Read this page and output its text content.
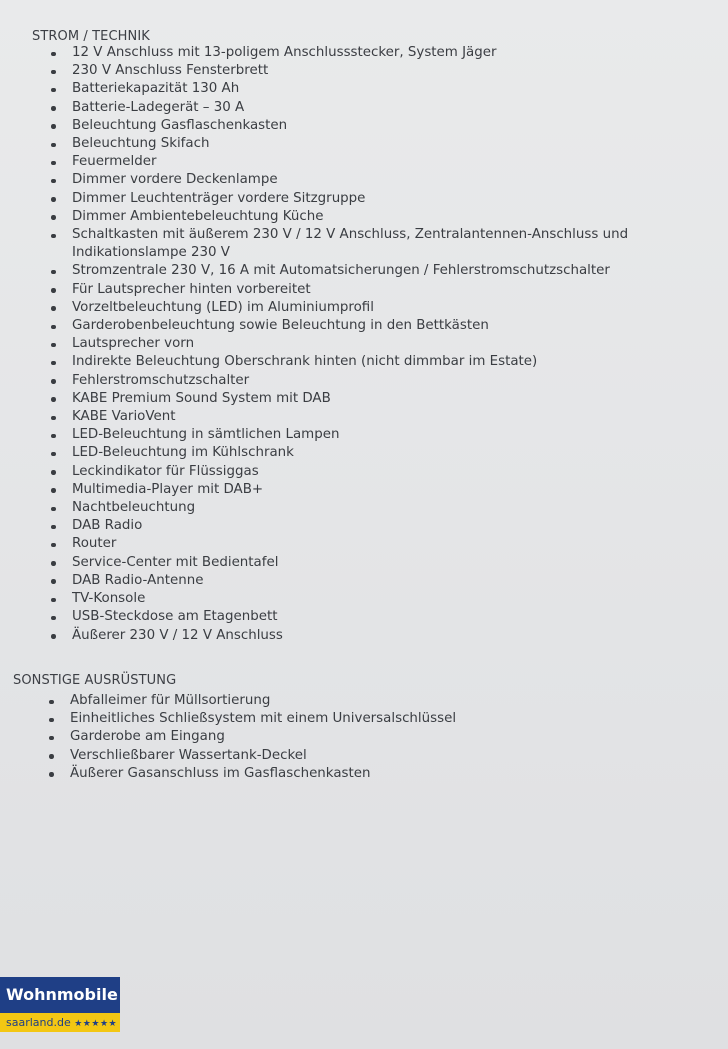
STROM / TECHNIK
12 V Anschluss mit 13-poligem Anschlussstecker, System Jäger
230 V Anschluss Fensterbrett
Batteriekapazität 130 Ah
Batterie-Ladegerät – 30 A
Beleuchtung Gasflaschenkasten
Beleuchtung Skifach
Feuermelder
Dimmer vordere Deckenlampe
Dimmer Leuchtenträger vordere Sitzgruppe
Dimmer Ambientebeleuchtung Küche
Schaltkasten mit äußerem 230 V / 12 V Anschluss, Zentralantennen-Anschluss und Indikationslampe 230 V
Stromzentrale 230 V, 16 A mit Automatsicherungen / Fehlerstromschutzschalter
Für Lautsprecher hinten vorbereitet
Vorzeltbeleuchtung (LED) im Aluminiumprofil
Garderobenbeleuchtung sowie Beleuchtung in den Bettkästen
Lautsprecher vorn
Indirekte Beleuchtung Oberschrank hinten (nicht dimmbar im Estate)
Fehlerstromschutzschalter
KABE Premium Sound System mit DAB
KABE VarioVent
LED-Beleuchtung in sämtlichen Lampen
LED-Beleuchtung im Kühlschrank
Leckindikator für Flüssiggas
Multimedia-Player mit DAB+
Nachtbeleuchtung
DAB Radio
Router
Service-Center mit Bedientafel
DAB Radio-Antenne
TV-Konsole
USB-Steckdose am Etagenbett
Äußerer 230 V / 12 V Anschluss
SONSTIGE AUSRÜSTUNG
Abfalleimer für Müllsortierung
Einheitliches Schließsystem mit einem Universalschlüssel
Garderobe am Eingang
Verschließbarer Wassertank-Deckel
Äußerer Gasanschluss im Gasflaschenkasten
Wohnmobile
saarland.de ★★★★★
